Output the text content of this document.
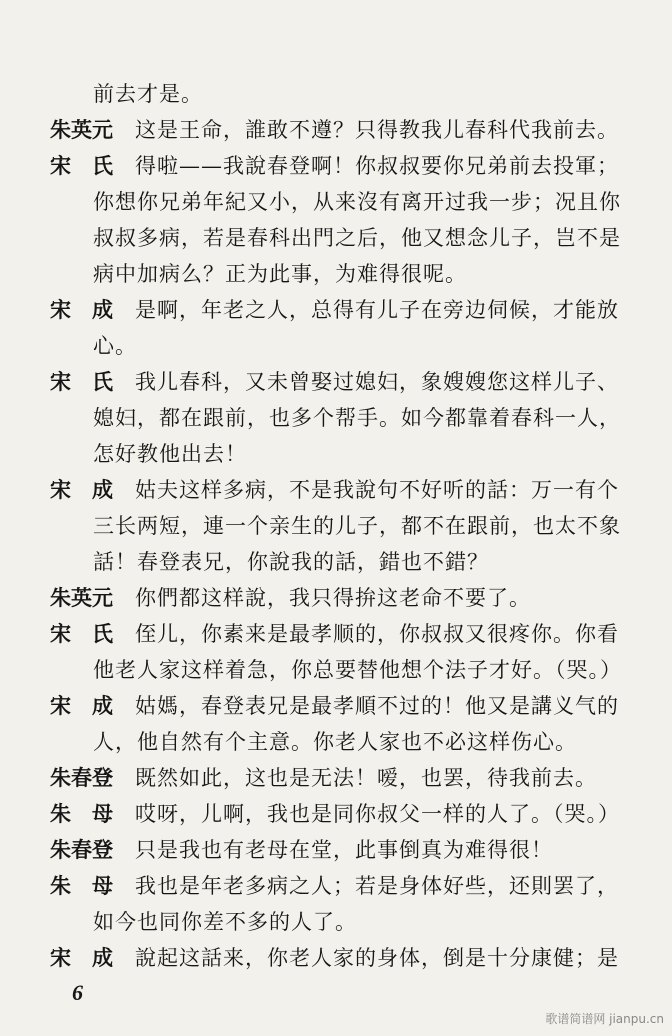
前去才是。
朱英元	这是王命，誰敢不遵？只得教我儿春科代我前去。
宋　氏	得啦——我說春登啊！你叔叔要你兄弟前去投軍；
你想你兄弟年紀又小，从来沒有离开过我一步；况且你
叔叔多病，若是春科出門之后，他又想念儿子，岂不是
病中加病么？正为此事，为难得很呢。
宋　成	是啊，年老之人，总得有儿子在旁边伺候，才能放
心。
宋　氏	我儿春科，又未曾娶过媳妇，象嫂嫂您这样儿子、
媳妇，都在跟前，也多个帮手。如今都靠着春科一人，
怎好教他出去！
宋　成	姑夫这样多病，不是我說句不好听的話：万一有个
三长两短，連一个亲生的儿子，都不在跟前，也太不象
話！春登表兄，你說我的話，錯也不錯？
朱英元	你們都这样說，我只得拚这老命不要了。
宋　氏	侄儿，你素来是最孝顺的，你叔叔又很疼你。你看
他老人家这样着急，你总要替他想个法子才好。（哭。）
宋　成	姑媽，春登表兄是最孝順不过的！他又是講义气的
人，他自然有个主意。你老人家也不必这样伤心。
朱春登	既然如此，这也是无法！嗳，也罢，待我前去。
朱　母	哎呀，儿啊，我也是同你叔父一样的人了。（哭。）
朱春登	只是我也有老母在堂，此事倒真为难得很！
朱　母	我也是年老多病之人；若是身体好些，还則罢了，
如今也同你差不多的人了。
宋　成	說起这話来，你老人家的身体，倒是十分康健；是
6
歌谱简谱网 jianpu.cn
